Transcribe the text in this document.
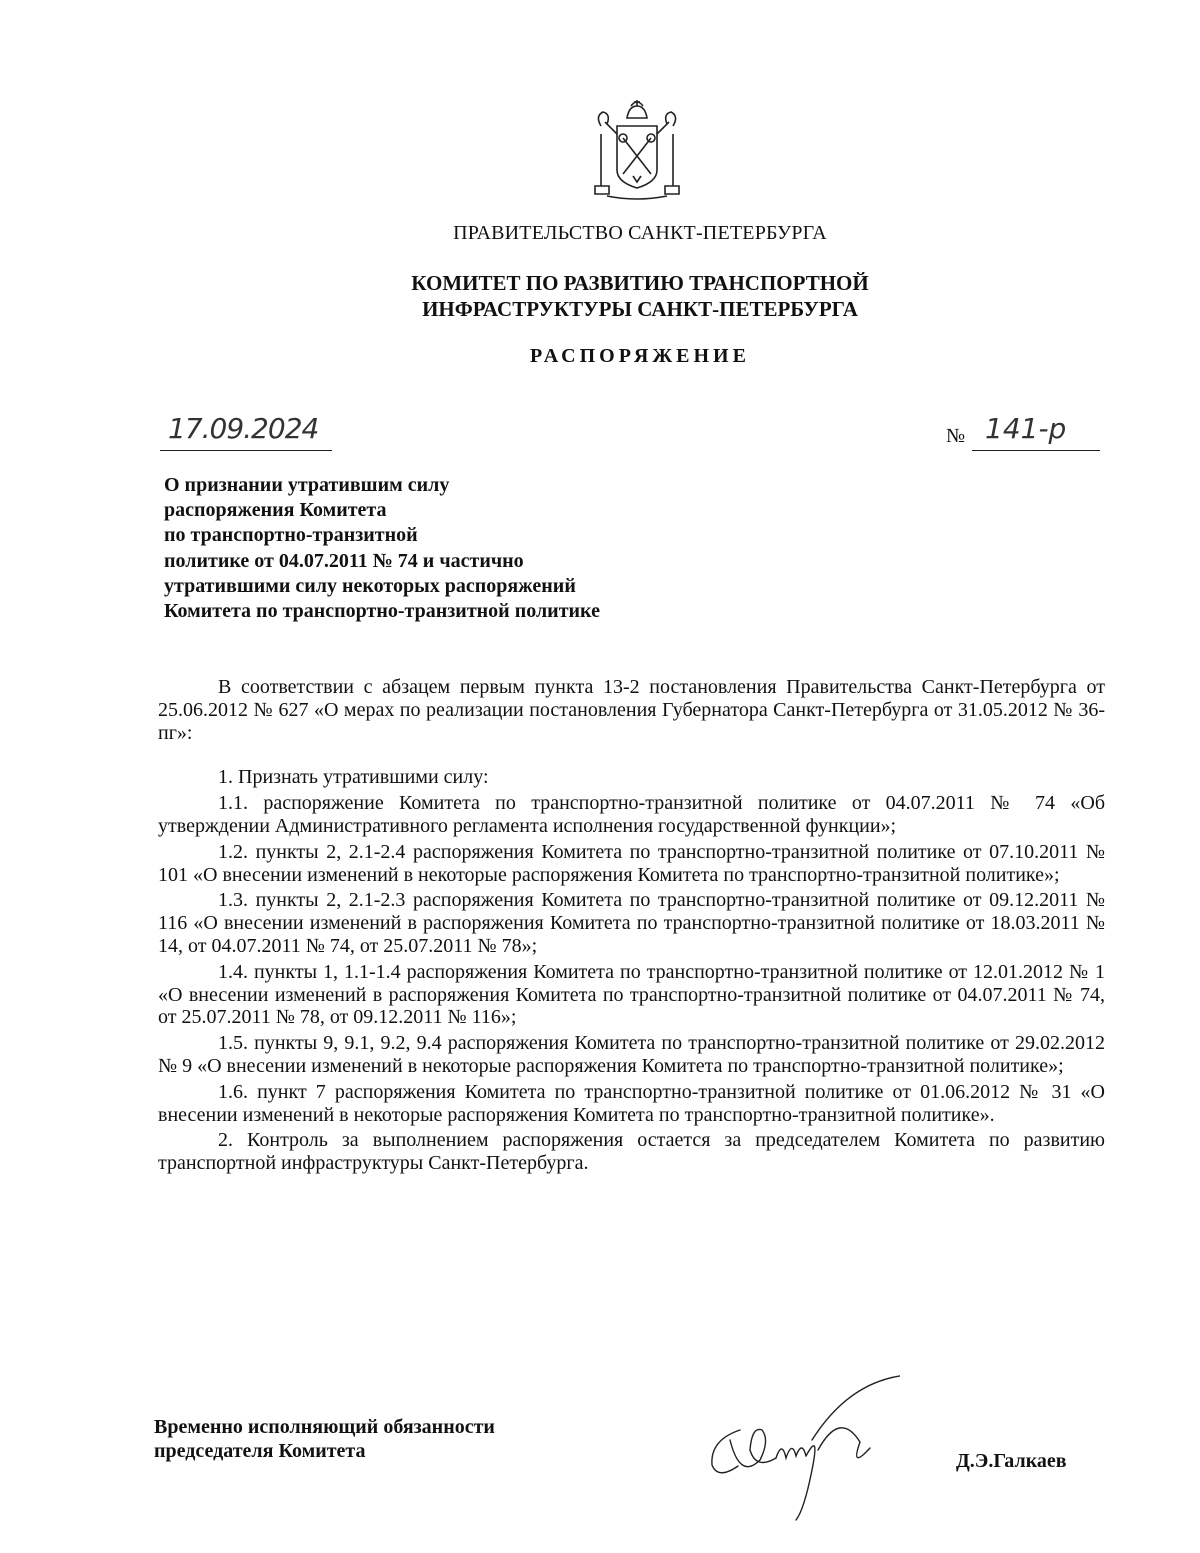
ПРАВИТЕЛЬСТВО САНКТ-ПЕТЕРБУРГА
КОМИТЕТ ПО РАЗВИТИЮ ТРАНСПОРТНОЙ
ИНФРАСТРУКТУРЫ САНКТ-ПЕТЕРБУРГА
РАСПОРЯЖЕНИЕ
17.09.2024	№ 141-р
О признании утратившим силу
распоряжения Комитета
по транспортно-транзитной
политике от 04.07.2011 № 74 и частично
утратившими силу некоторых распоряжений
Комитета по транспортно-транзитной политике

В соответствии с абзацем первым пункта 13-2 постановления Правительства Санкт-Петербурга от 25.06.2012 № 627 «О мерах по реализации постановления Губернатора Санкт-Петербурга от 31.05.2012 № 36-пг»:

1. Признать утратившими силу:

1.1. распоряжение Комитета по транспортно-транзитной политике от 04.07.2011 № 74 «Об утверждении Административного регламента исполнения государственной функции»;

1.2. пункты 2, 2.1-2.4 распоряжения Комитета по транспортно-транзитной политике от 07.10.2011 № 101 «О внесении изменений в некоторые распоряжения Комитета по транспортно-транзитной политике»;

1.3. пункты 2, 2.1-2.3 распоряжения Комитета по транспортно-транзитной политике от 09.12.2011 № 116 «О внесении изменений в распоряжения Комитета по транспортно-транзитной политике от 18.03.2011 № 14, от 04.07.2011 № 74, от 25.07.2011 № 78»;

1.4. пункты 1, 1.1-1.4 распоряжения Комитета по транспортно-транзитной политике от 12.01.2012 № 1 «О внесении изменений в распоряжения Комитета по транспортно-транзитной политике от 04.07.2011 № 74, от 25.07.2011 № 78, от 09.12.2011 № 116»;

1.5. пункты 9, 9.1, 9.2, 9.4 распоряжения Комитета по транспортно-транзитной политике от 29.02.2012 № 9 «О внесении изменений в некоторые распоряжения Комитета по транспортно-транзитной политике»;

1.6. пункт 7 распоряжения Комитета по транспортно-транзитной политике от 01.06.2012 № 31 «О внесении изменений в некоторые распоряжения Комитета по транспортно-транзитной политике».

2. Контроль за выполнением распоряжения остается за председателем Комитета по развитию транспортной инфраструктуры Санкт-Петербурга.

Временно исполняющий обязанности
председателя Комитета	Д.Э.Галкаев
